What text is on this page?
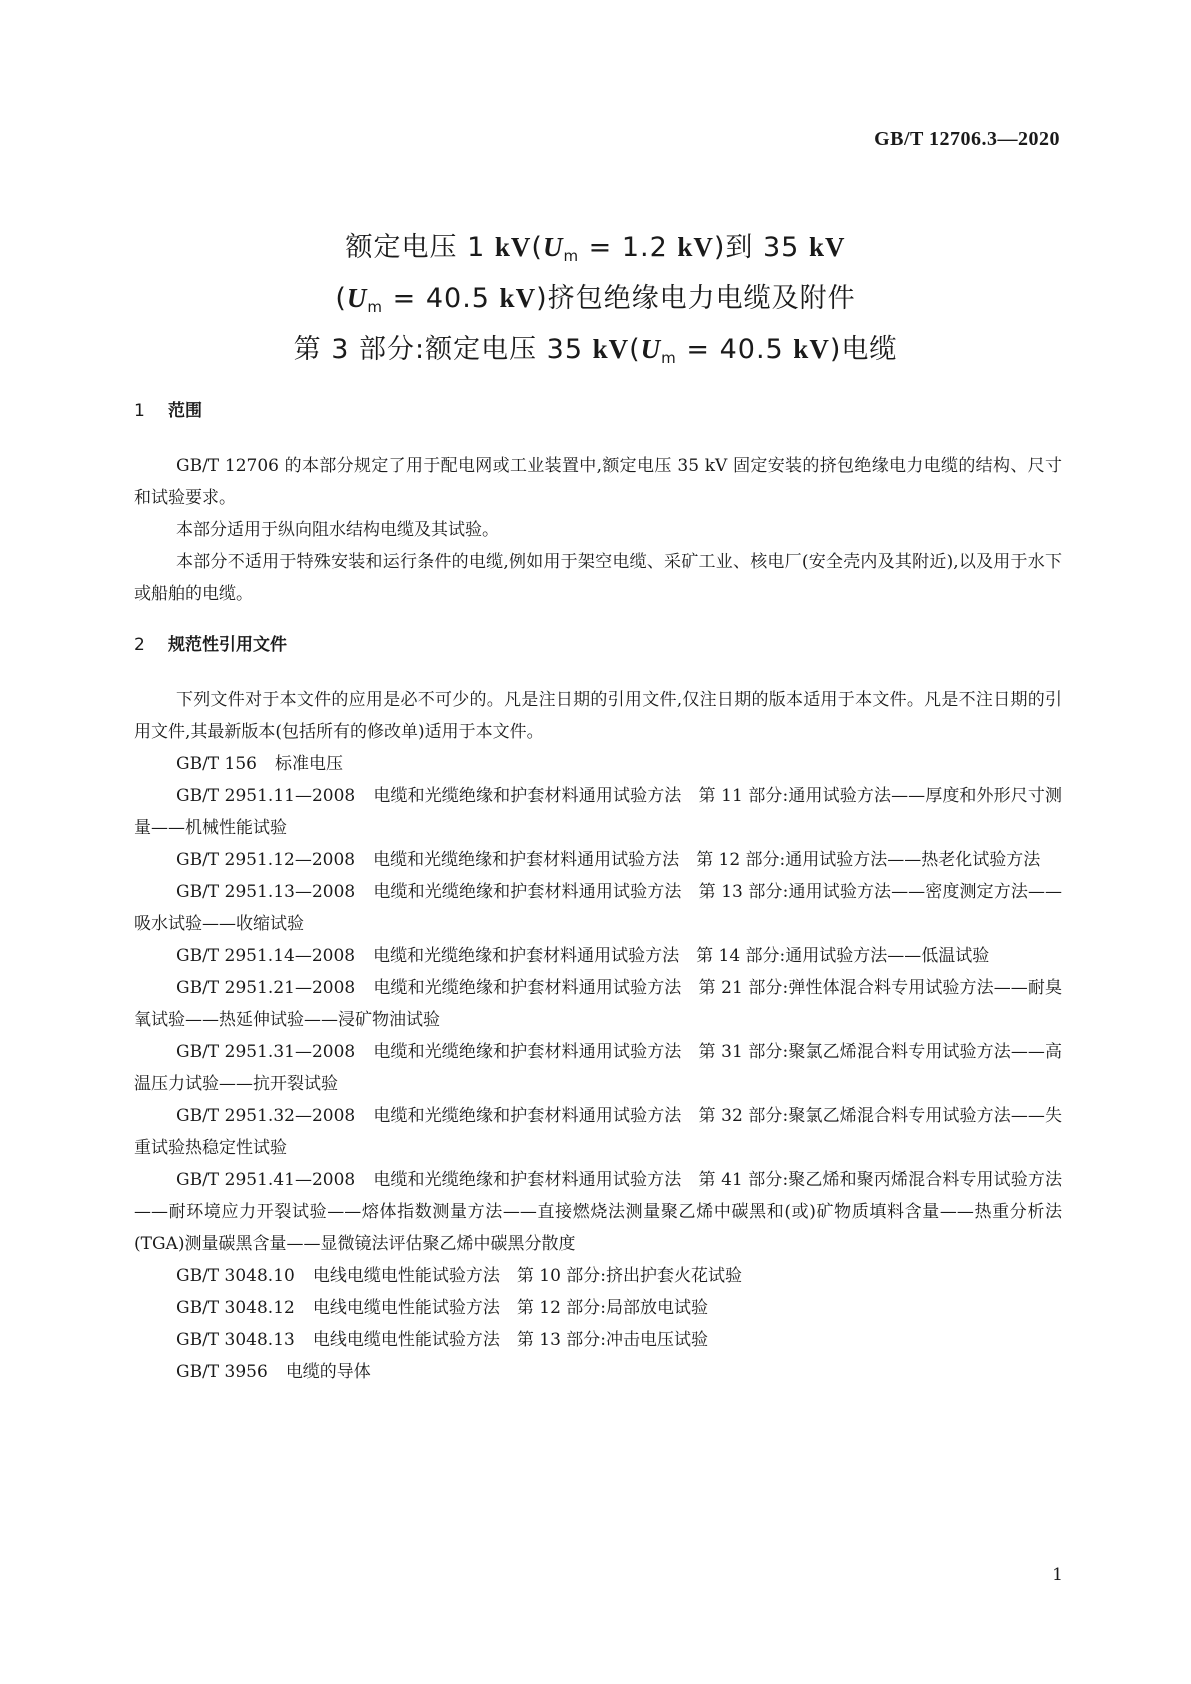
GB/T 12706.3—2020
额定电压 1 $kV(U_m = 1.2$ kV)到 35 kV
($U_m = 40.5$ kV)挤包绝缘电力电缆及附件
第 3 部分:额定电压 35 $kV(U_m = 40.5$ kV)电缆
1 范围

GB/T 12706 的本部分规定了用于配电网或工业装置中,额定电压 35 kV 固定安装的挤包绝缘电力电缆的结构、尺寸和试验要求。

本部分适用于纵向阻水结构电缆及其试验。

本部分不适用于特殊安装和运行条件的电缆,例如用于架空电缆、采矿工业、核电厂(安全壳内及其附近),以及用于水下或船舶的电缆。

2 规范性引用文件

下列文件对于本文件的应用是必不可少的。凡是注日期的引用文件,仅注日期的版本适用于本文件。凡是不注日期的引用文件,其最新版本(包括所有的修改单)适用于本文件。

GB/T 156 标准电压

GB/T 2951.11—2008 电缆和光缆绝缘和护套材料通用试验方法　第 11 部分:通用试验方法——厚度和外形尺寸测量——机械性能试验

GB/T 2951.12—2008 电缆和光缆绝缘和护套材料通用试验方法　第 12 部分:通用试验方法——热老化试验方法

GB/T 2951.13—2008 电缆和光缆绝缘和护套材料通用试验方法　第 13 部分:通用试验方法——密度测定方法——吸水试验——收缩试验

GB/T 2951.14—2008 电缆和光缆绝缘和护套材料通用试验方法　第 14 部分:通用试验方法——低温试验

GB/T 2951.21—2008 电缆和光缆绝缘和护套材料通用试验方法　第 21 部分:弹性体混合料专用试验方法——耐臭氧试验——热延伸试验——浸矿物油试验

GB/T 2951.31—2008 电缆和光缆绝缘和护套材料通用试验方法　第 31 部分:聚氯乙烯混合料专用试验方法——高温压力试验——抗开裂试验

GB/T 2951.32—2008 电缆和光缆绝缘和护套材料通用试验方法　第 32 部分:聚氯乙烯混合料专用试验方法——失重试验热稳定性试验

GB/T 2951.41—2008 电缆和光缆绝缘和护套材料通用试验方法　第 41 部分:聚乙烯和聚丙烯混合料专用试验方法——耐环境应力开裂试验——熔体指数测量方法——直接燃烧法测量聚乙烯中碳黑和(或)矿物质填料含量——热重分析法(TGA)测量碳黑含量——显微镜法评估聚乙烯中碳黑分散度

GB/T 3048.10 电线电缆电性能试验方法　第 10 部分:挤出护套火花试验

GB/T 3048.12 电线电缆电性能试验方法　第 12 部分:局部放电试验

GB/T 3048.13 电线电缆电性能试验方法　第 13 部分:冲击电压试验

GB/T 3956 电缆的导体

1
